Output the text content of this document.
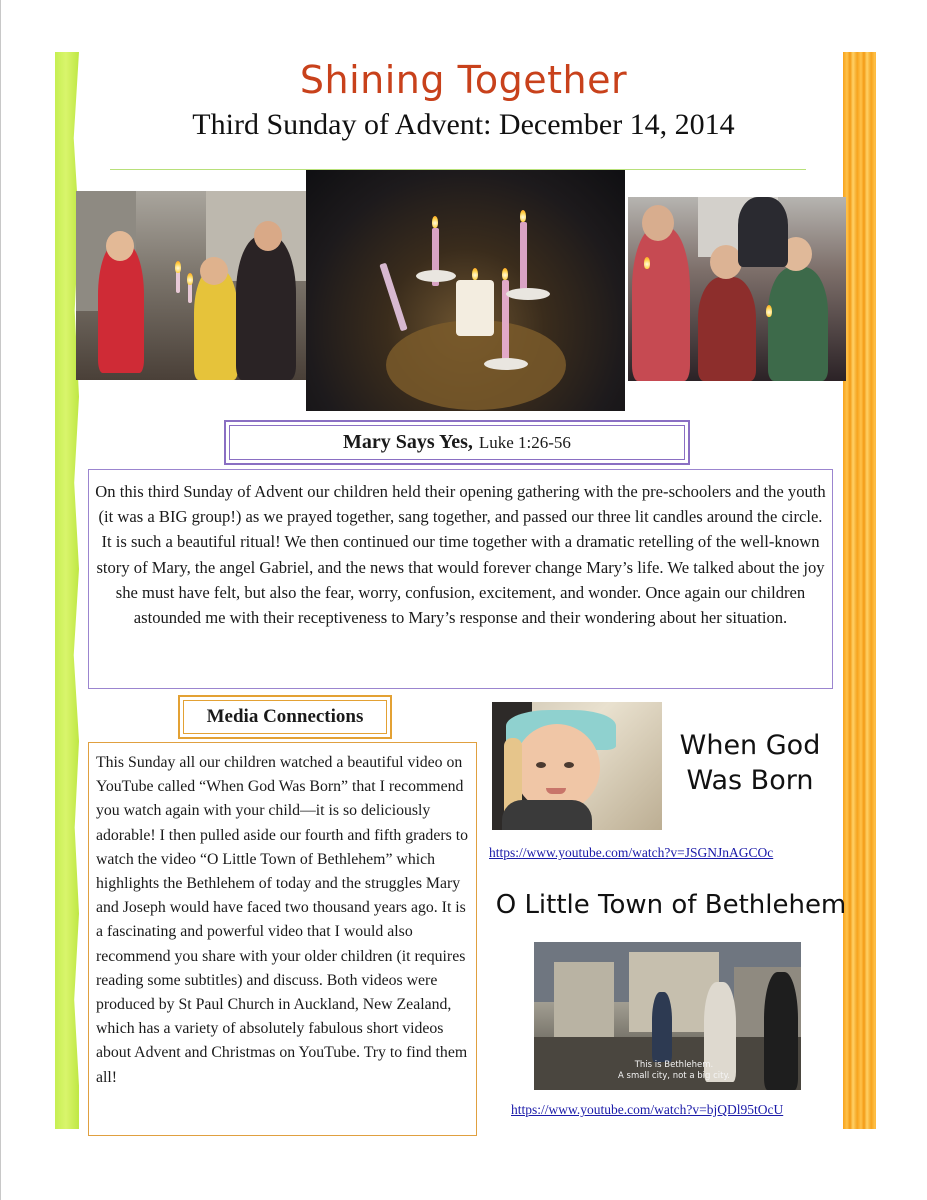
Shining Together
Third Sunday of Advent: December 14, 2014
Mary Says Yes, Luke 1:26-56
On this third Sunday of Advent our children held their opening gathering with the pre-schoolers and the youth (it was a BIG group!) as we prayed together, sang together, and passed our three lit candles around the circle. It is such a beautiful ritual! We then continued our time together with a dramatic retelling of the well-known story of Mary, the angel Gabriel, and the news that would forever change Mary’s life. We talked about the joy she must have felt, but also the fear, worry, confusion, excitement, and wonder. Once again our children astounded me with their receptiveness to Mary’s response and their wondering about her situation.
Media Connections
This Sunday all our children watched a beautiful video on YouTube called “When God Was Born” that I recommend you watch again with your child—it is so deliciously adorable! I then pulled aside our fourth and fifth graders to watch the video “O Little Town of Bethlehem” which highlights the Bethlehem of today and the struggles Mary and Joseph would have faced two thousand years ago. It is a fascinating and powerful video that I would also recommend you share with your older children (it requires reading some subtitles) and discuss. Both videos were produced by St Paul Church in Auckland, New Zealand, which has a variety of absolutely fabulous short videos about Advent and Christmas on YouTube. Try to find them all!
When God
Was Born
https://www.youtube.com/watch?v=JSGNJnAGCOc
O Little Town of Bethlehem
This is Bethlehem.
A small city, not a big city.
https://www.youtube.com/watch?v=bjQDl95tOcU
